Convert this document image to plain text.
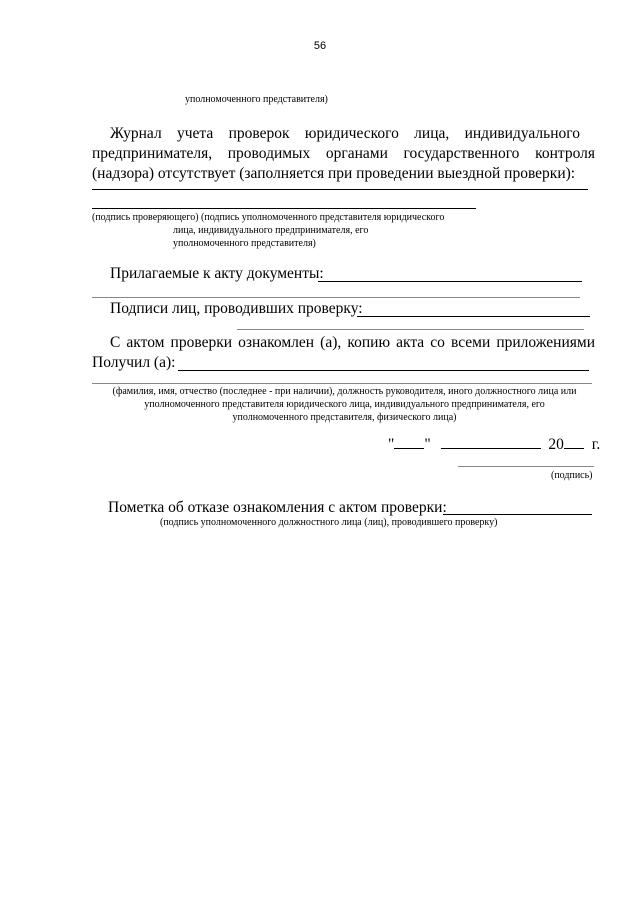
56
уполномоченного представителя)
Журнал учета проверок юридического лица, индивидуального
предпринимателя, проводимых органами государственного контроля
(надзора) отсутствует (заполняется при проведении выездной проверки):
(подпись проверяющего) (подпись уполномоченного представителя юридического
лица, индивидуального предпринимателя, его
уполномоченного представителя)
Прилагаемые к акту документы:
Подписи лиц, проводивших проверку:
С актом проверки ознакомлен (а), копию акта со всеми приложениями
Получил (а):
(фамилия, имя, отчество (последнее - при наличии), должность руководителя, иного должностного лица или
уполномоченного представителя юридического лица, индивидуального предпринимателя, его
уполномоченного представителя, физического лица)
" "	20 г.
(подпись)
Пометка об отказе ознакомления с актом проверки:
(подпись уполномоченного должностного лица (лиц), проводившего проверку)
